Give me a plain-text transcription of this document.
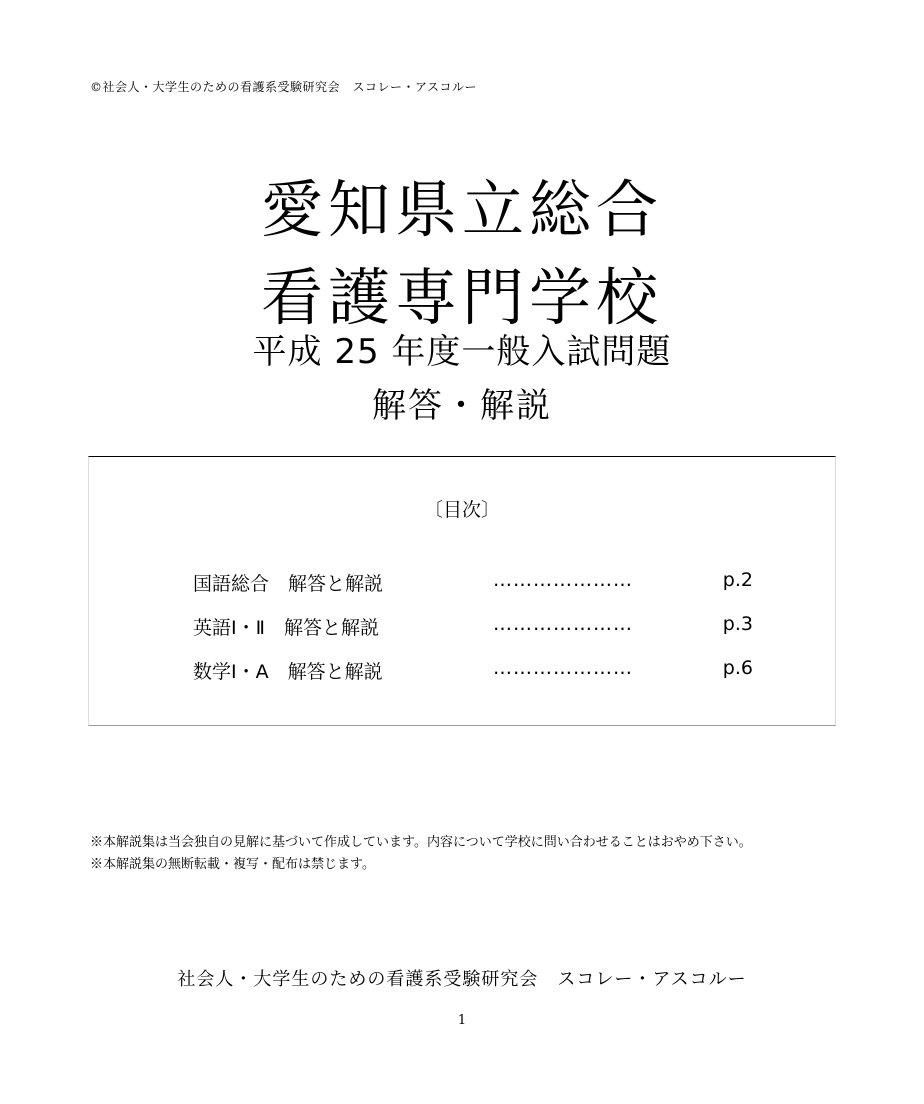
©社会人・大学生のための看護系受験研究会　スコレー・アスコルー
愛知県立総合
看護専門学校
平成 25 年度一般入試問題
解答・解説
〔目次〕
国語総合　解答と解説	…………………	p.2
英語Ⅰ・Ⅱ　解答と解説	…………………	p.3
数学Ⅰ・A　解答と解説	…………………	p.6

※本解説集は当会独自の見解に基づいて作成しています。内容について学校に問い合わせることはおやめ下さい。

※本解説集の無断転載・複写・配布は禁じます。

社会人・大学生のための看護系受験研究会　スコレー・アスコルー
1
